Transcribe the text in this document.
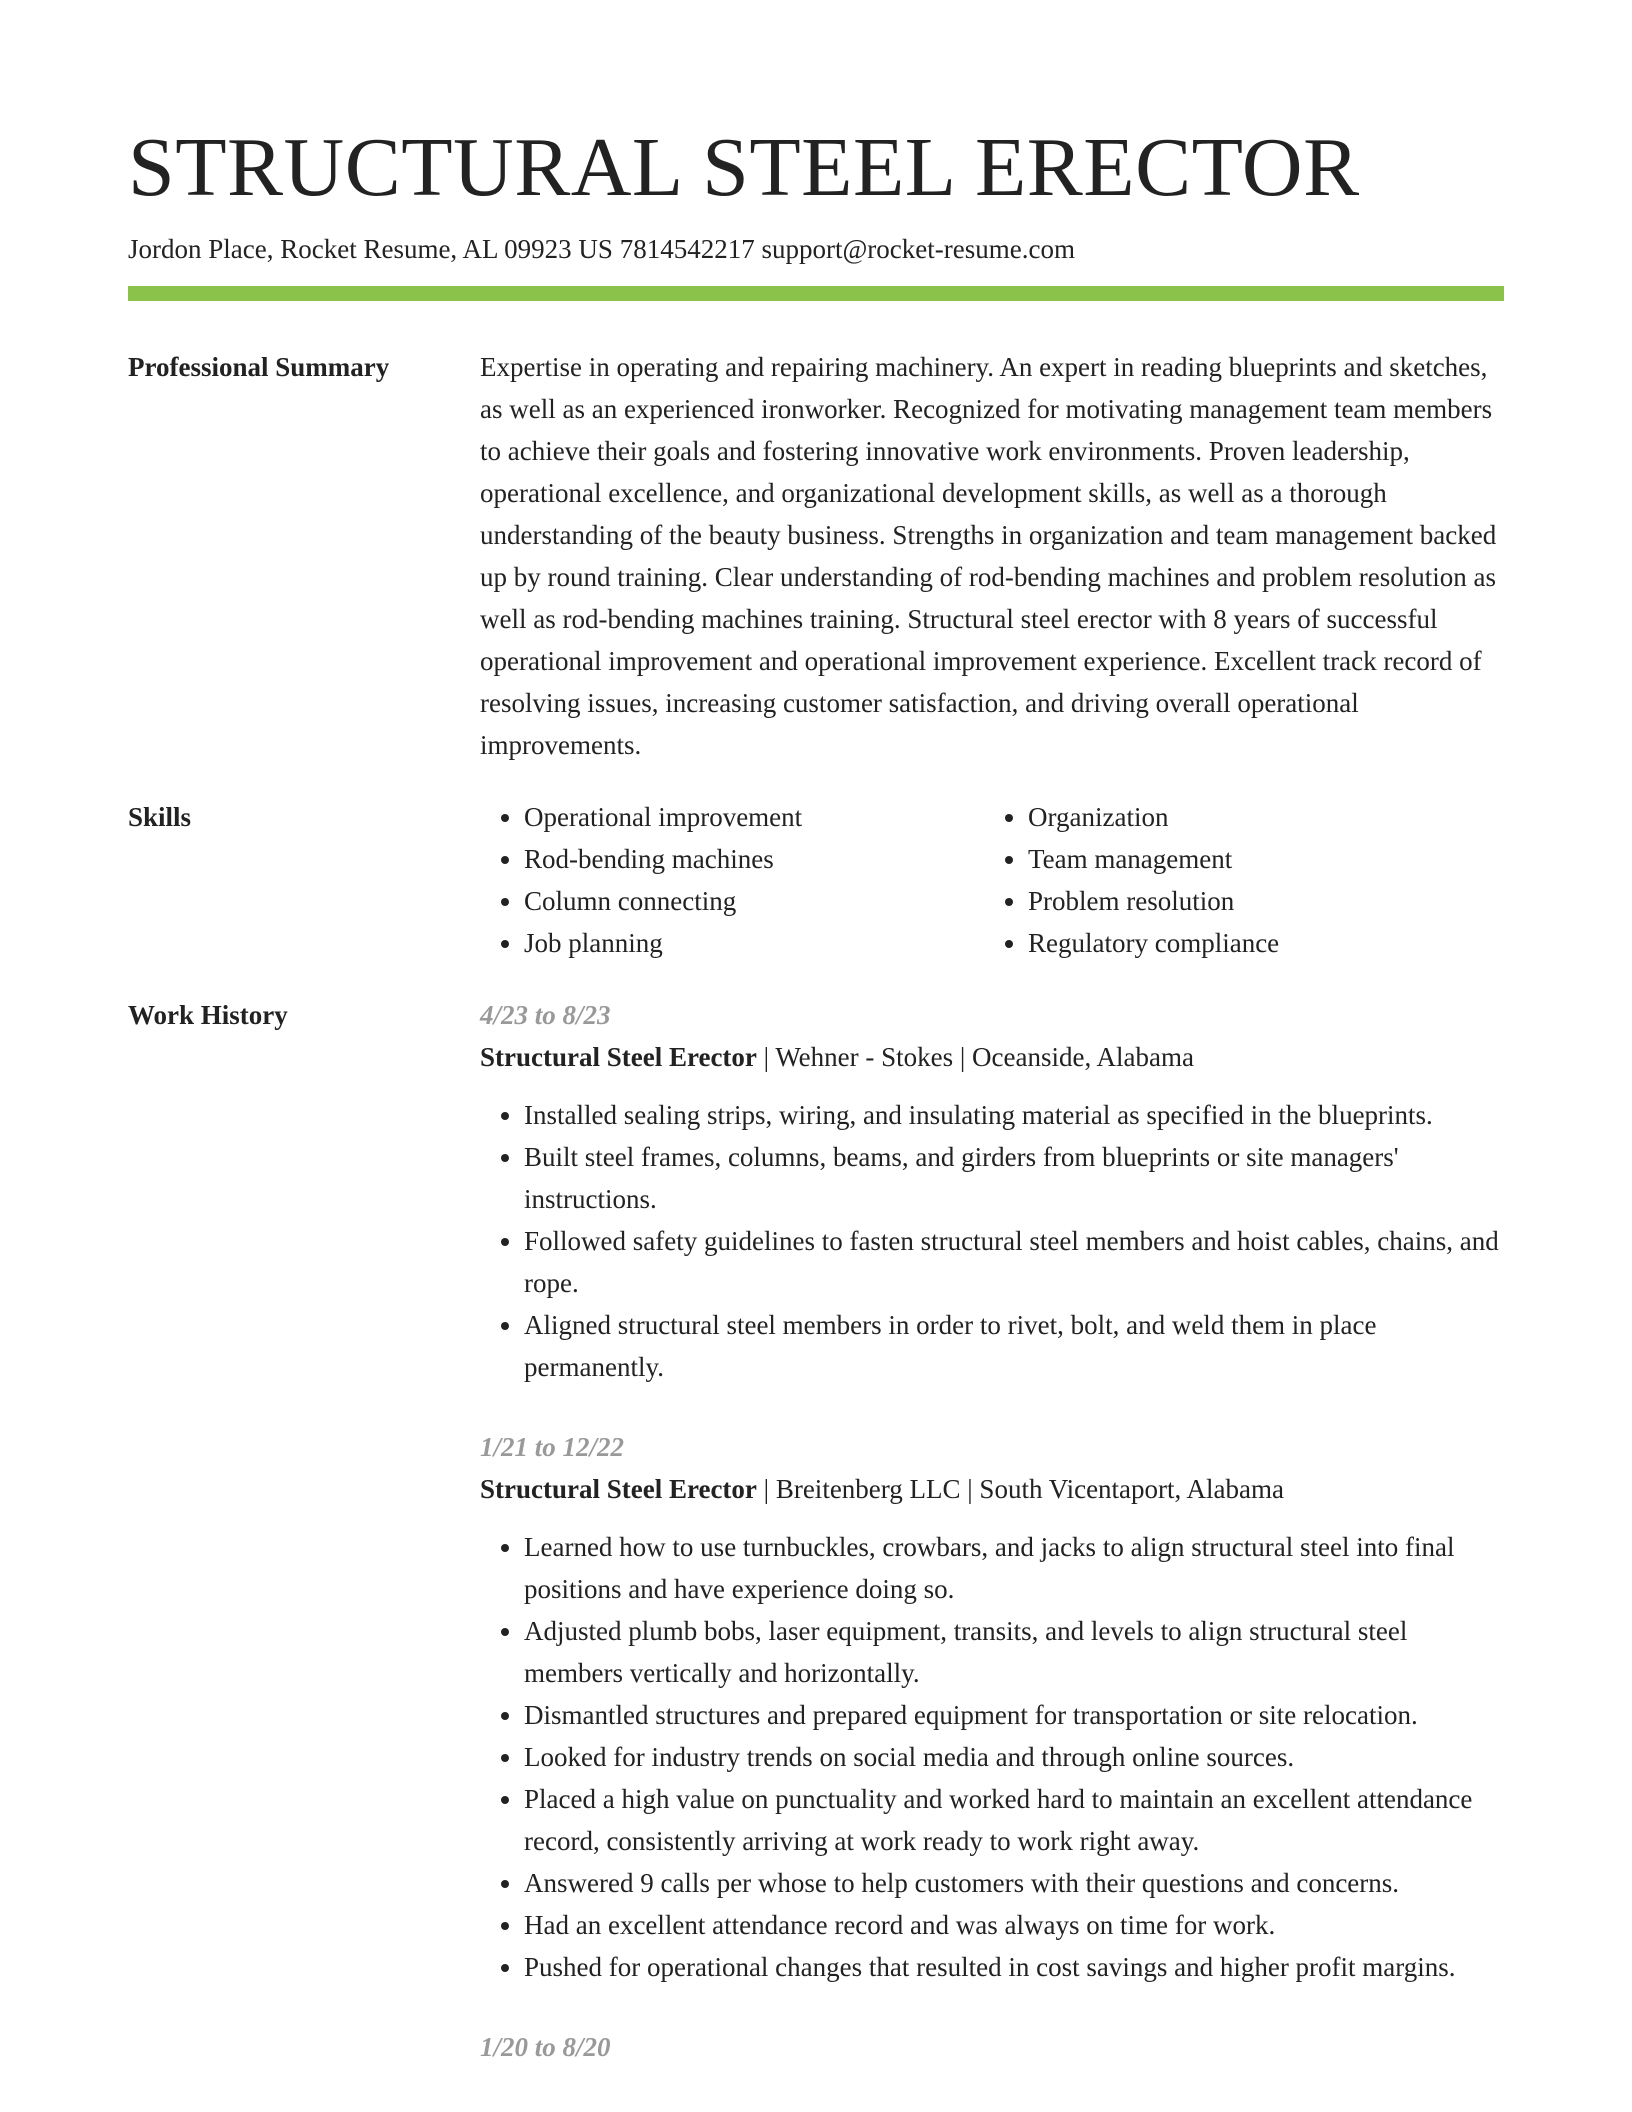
STRUCTURAL STEEL ERECTOR
Jordon Place, Rocket Resume, AL 09923 US 7814542217 support@rocket-resume.com
Professional Summary	Expertise in operating and repairing machinery. An expert in reading blueprints and sketches, as well as an experienced ironworker. Recognized for motivating management team members to achieve their goals and fostering innovative work environments. Proven leadership, operational excellence, and organizational development skills, as well as a thorough understanding of the beauty business. Strengths in organization and team management backed up by round training. Clear understanding of rod-bending machines and problem resolution as well as rod-bending machines training. Structural steel erector with 8 years of successful operational improvement and operational improvement experience. Excellent track record of resolving issues, increasing customer satisfaction, and driving overall operational improvements.

Skills
•	Operational improvement
• Rod-bending machines
• Column connecting
• Job planning
• Organization
• Team management
• Problem resolution
• Regulatory compliance
Work History	4/23 to 8/23
Structural Steel Erector | Wehner - Stokes | Oceanside, Alabama
• Installed sealing strips, wiring, and insulating material as specified in the blueprints.
• Built steel frames, columns, beams, and girders from blueprints or site managers' instructions.
• Followed safety guidelines to fasten structural steel members and hoist cables, chains, and rope.
• Aligned structural steel members in order to rivet, bolt, and weld them in place permanently.
1/21 to 12/22
Structural Steel Erector | Breitenberg LLC | South Vicentaport, Alabama
• Learned how to use turnbuckles, crowbars, and jacks to align structural steel into final positions and have experience doing so.
• Adjusted plumb bobs, laser equipment, transits, and levels to align structural steel members vertically and horizontally.
• Dismantled structures and prepared equipment for transportation or site relocation.
• Looked for industry trends on social media and through online sources.
• Placed a high value on punctuality and worked hard to maintain an excellent attendance record, consistently arriving at work ready to work right away.
• Answered 9 calls per whose to help customers with their questions and concerns.
• Had an excellent attendance record and was always on time for work.
• Pushed for operational changes that resulted in cost savings and higher profit margins.
1/20 to 8/20
